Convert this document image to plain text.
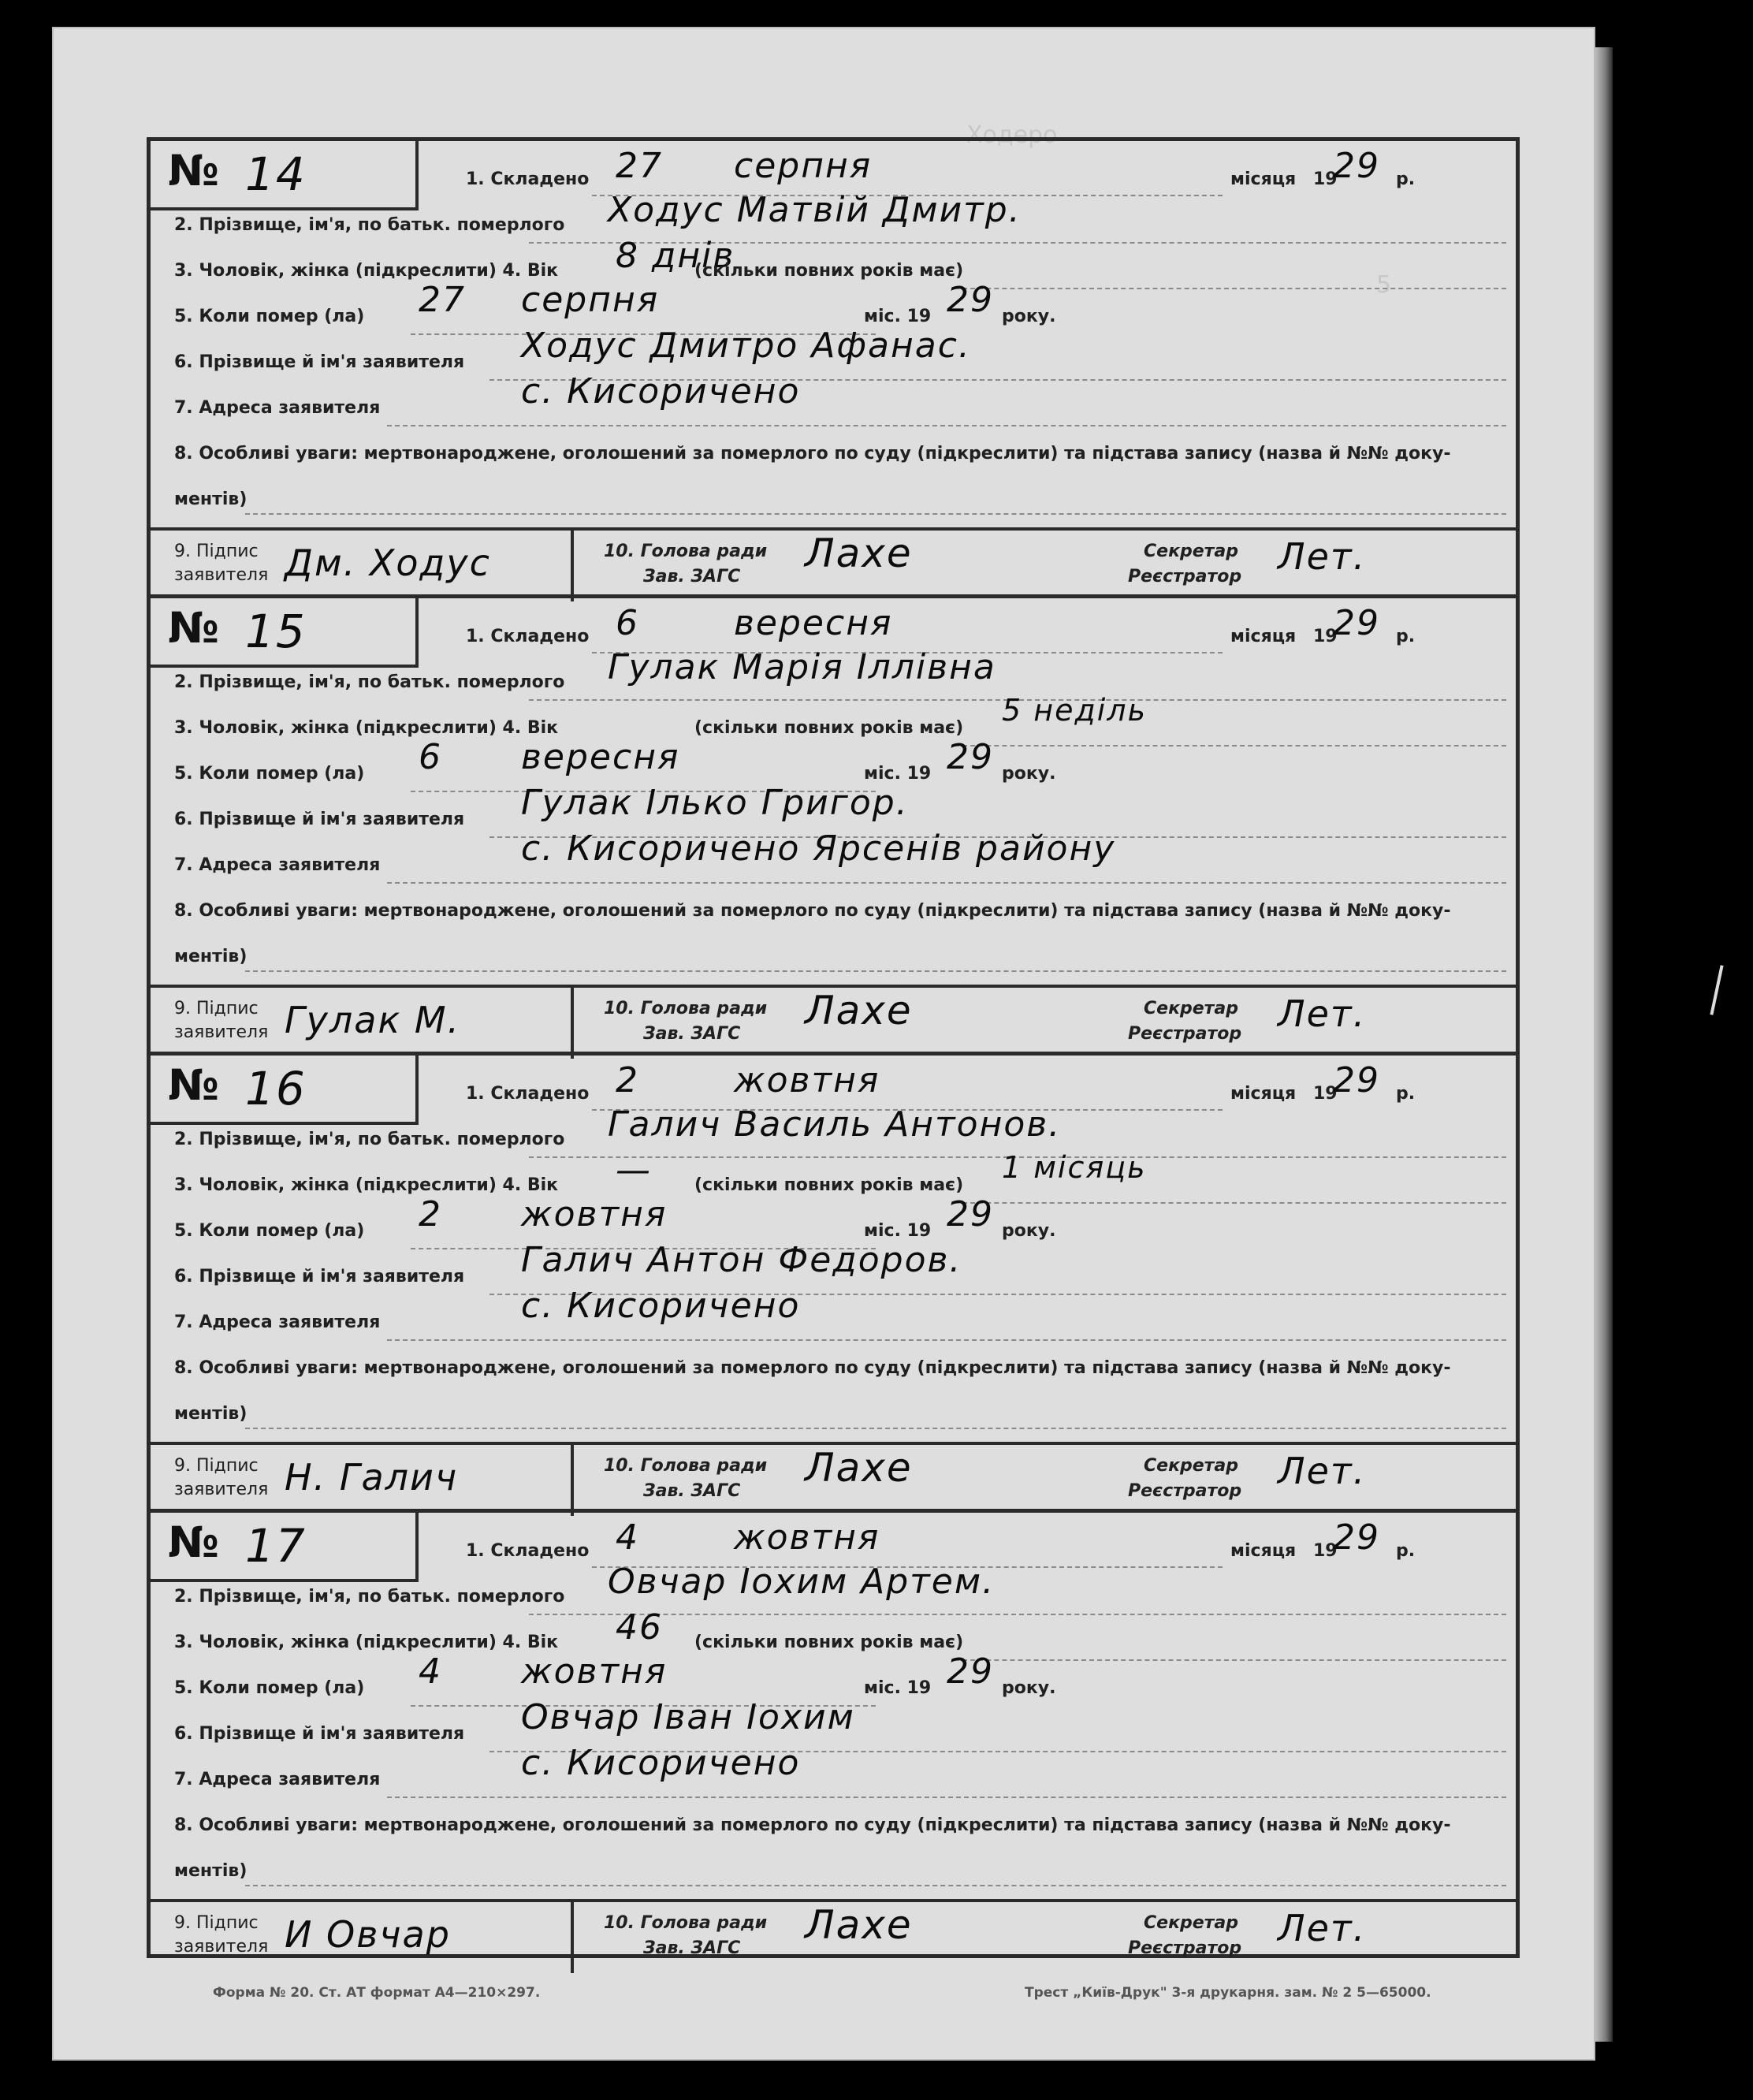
Ходеро
5
№ 14	1. Складено 27 серпня	місяця 19
29 р.
2. Прізвище, ім'я, по батьк. померлого Ходус Матвій Дмитр.
3. Чоловік, жінка (підкреслити) 4. Вік 8 днів
(скільки повних років має)
5. Коли помер (ла) 27 серпня	міс. 19 29 року.
6. Прізвище й ім'я заявителя Ходус Дмитро Афанас.
7. Адреса заявителя	с. Кисоричено
8. Особливі уваги: мертвонароджене, оголошений за померлого по суду (підкреслити) та підстава запису (назва й №№ доку-
ментів)
9. Підпис
заявителя Дм. Ходус	10. Голова ради
Зав. ЗАГС
Лахе	Секретар
Реєстратор Лет.
№ 15	1. Складено 6	вересня	місяця 19
29 р.
2. Прізвище, ім'я, по батьк. померлого Гулак Марія Іллівна
3. Чоловік, жінка (підкреслити) 4. Вік	(скільки повних років має)
5 неділь
5. Коли помер (ла) 6 вересня	міс. 19 29 року.
6. Прізвище й ім'я заявителя Гулак Ілько Григор.
7. Адреса заявителя	с. Кисоричено Ярсенів району
8. Особливі уваги: мертвонароджене, оголошений за померлого по суду (підкреслити) та підстава запису (назва й №№ доку-
ментів)
9. Підпис
заявителя Гулак М.	10. Голова ради
Зав. ЗАГС
Лахе	Секретар
Реєстратор Лет.
№ 16	1. Складено 2	жовтня	місяця 19
29 р.
2. Прізвище, ім'я, по батьк. померлого Галич Василь Антонов.
3. Чоловік, жінка (підкреслити) 4. Вік — (скільки повних років має)
1 місяць
5. Коли помер (ла) 2 жовтня	міс. 19 29 року.
6. Прізвище й ім'я заявителя Галич Антон Федоров.
7. Адреса заявителя	с. Кисоричено
8. Особливі уваги: мертвонароджене, оголошений за померлого по суду (підкреслити) та підстава запису (назва й №№ доку-
ментів)
9. Підпис
заявителя Н. Галич	10. Голова ради
Зав. ЗАГС
Лахе	Секретар
Реєстратор Лет.
№ 17	1. Складено 4	жовтня	місяця 19
29 р.
2. Прізвище, ім'я, по батьк. померлого Овчар Іохим Артем.
3. Чоловік, жінка (підкреслити) 4. Вік 46 (скільки повних років має)
5. Коли помер (ла) 4 жовтня	міс. 19 29 року.
6. Прізвище й ім'я заявителя Овчар Іван Іохим
7. Адреса заявителя	с. Кисоричено
8. Особливі уваги: мертвонароджене, оголошений за померлого по суду (підкреслити) та підстава запису (назва й №№ доку-
ментів)
9. Підпис
заявителя И Овчар	10. Голова ради
Зав. ЗАГС
Лахе	Секретар
Реєстратор Лет.
Форма № 20. Ст. АТ формат А4—210×297.	Трест „Київ-Друк" 3-я друкарня. зам. № 2 5—65000.
